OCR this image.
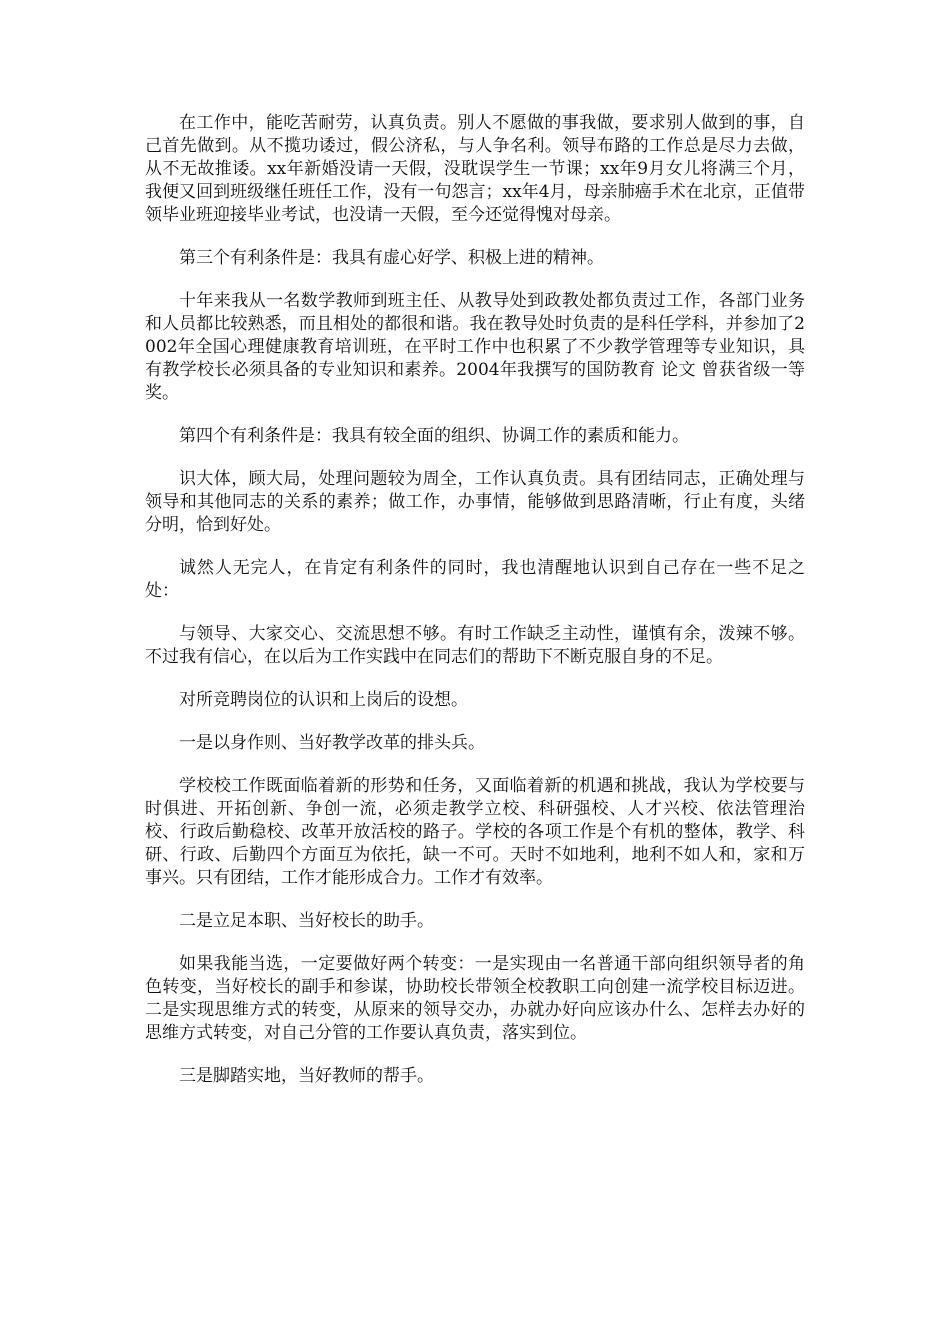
在工作中，能吃苦耐劳，认真负责。别人不愿做的事我做，要求别人做到的事，自己首先做到。从不揽功诿过，假公济私，与人争名利。领导布路的工作总是尽力去做，从不无故推诿。xx年新婚没请一天假，没耽误学生一节课；xx年9月女儿将满三个月，我便又回到班级继任班任工作，没有一句怨言；xx年4月，母亲肺癌手术在北京，正值带领毕业班迎接毕业考试，也没请一天假，至今还觉得愧对母亲。

第三个有利条件是：我具有虚心好学、积极上进的精神。

十年来我从一名数学教师到班主任、从教导处到政教处都负责过工作，各部门业务和人员都比较熟悉，而且相处的都很和谐。我在教导处时负责的是科任学科，并参加了2002年全国心理健康教育培训班，在平时工作中也积累了不少教学管理等专业知识，具有教学校长必须具备的专业知识和素养。2004年我撰写的国防教育 论文 曾获省级一等奖。

第四个有利条件是：我具有较全面的组织、协调工作的素质和能力。

识大体，顾大局，处理问题较为周全，工作认真负责。具有团结同志，正确处理与领导和其他同志的关系的素养；做工作，办事情，能够做到思路清晰，行止有度，头绪分明，恰到好处。

诚然人无完人，在肯定有利条件的同时，我也清醒地认识到自己存在一些不足之处：

与领导、大家交心、交流思想不够。有时工作缺乏主动性，谨慎有余，泼辣不够。不过我有信心，在以后为工作实践中在同志们的帮助下不断克服自身的不足。

对所竞聘岗位的认识和上岗后的设想。

一是以身作则、当好教学改革的排头兵。

学校校工作既面临着新的形势和任务，又面临着新的机遇和挑战，我认为学校要与时俱进、开拓创新、争创一流，必须走教学立校、科研强校、人才兴校、依法管理治校、行政后勤稳校、改革开放活校的路子。学校的各项工作是个有机的整体，教学、科研、行政、后勤四个方面互为依托，缺一不可。天时不如地利，地利不如人和，家和万事兴。只有团结，工作才能形成合力。工作才有效率。

二是立足本职、当好校长的助手。

如果我能当选，一定要做好两个转变：一是实现由一名普通干部向组织领导者的角色转变，当好校长的副手和参谋，协助校长带领全校教职工向创建一流学校目标迈进。二是实现思维方式的转变，从原来的领导交办，办就办好向应该办什么、怎样去办好的思维方式转变，对自己分管的工作要认真负责，落实到位。

三是脚踏实地，当好教师的帮手。
